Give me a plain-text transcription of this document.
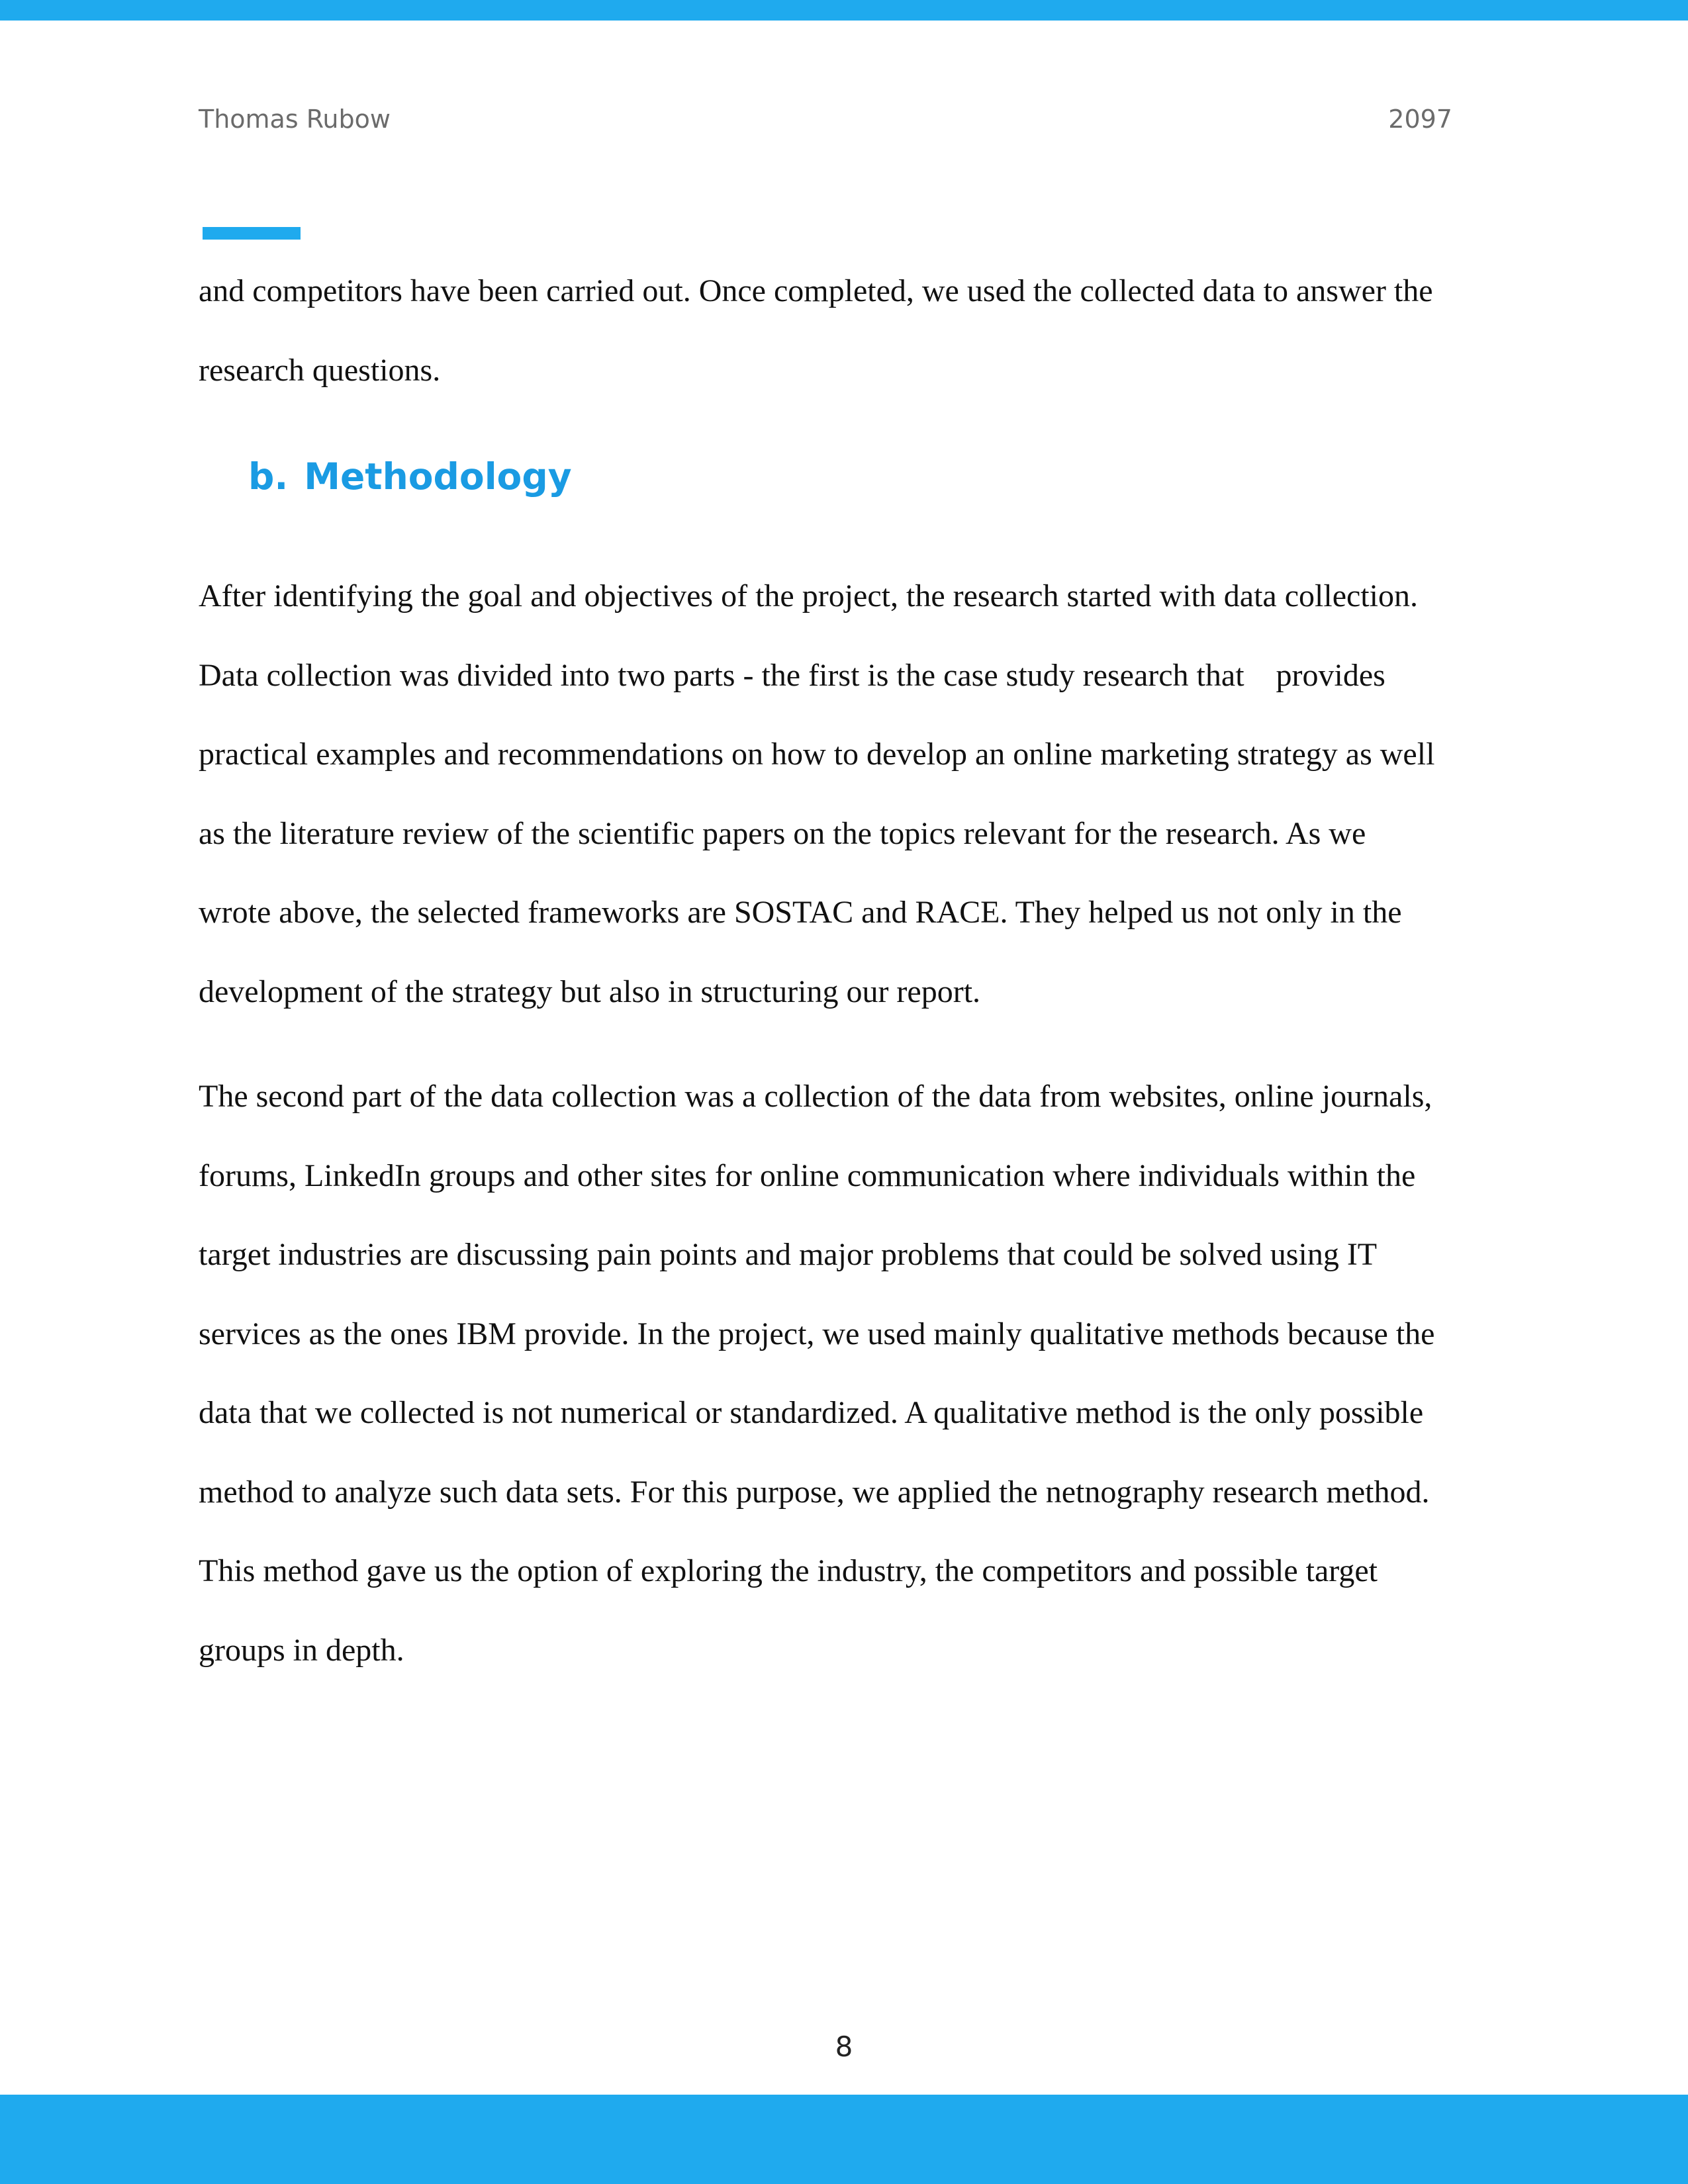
Thomas Rubow	2097

and competitors have been carried out. Once completed, we used the collected data to answer the
research questions.

b. Methodology

After identifying the goal and objectives of the project, the research started with data collection.
Data collection was divided into two parts - the first is the case study research that    provides
practical examples and recommendations on how to develop an online marketing strategy as well
as the literature review of the scientific papers on the topics relevant for the research. As we
wrote above, the selected frameworks are SOSTAC and RACE. They helped us not only in the
development of the strategy but also in structuring our report.

The second part of the data collection was a collection of the data from websites, online journals,
forums, LinkedIn groups and other sites for online communication where individuals within the
target industries are discussing pain points and major problems that could be solved using IT
services as the ones IBM provide. In the project, we used mainly qualitative methods because the
data that we collected is not numerical or standardized. A qualitative method is the only possible
method to analyze such data sets. For this purpose, we applied the netnography research method.
This method gave us the option of exploring the industry, the competitors and possible target
groups in depth.

8
